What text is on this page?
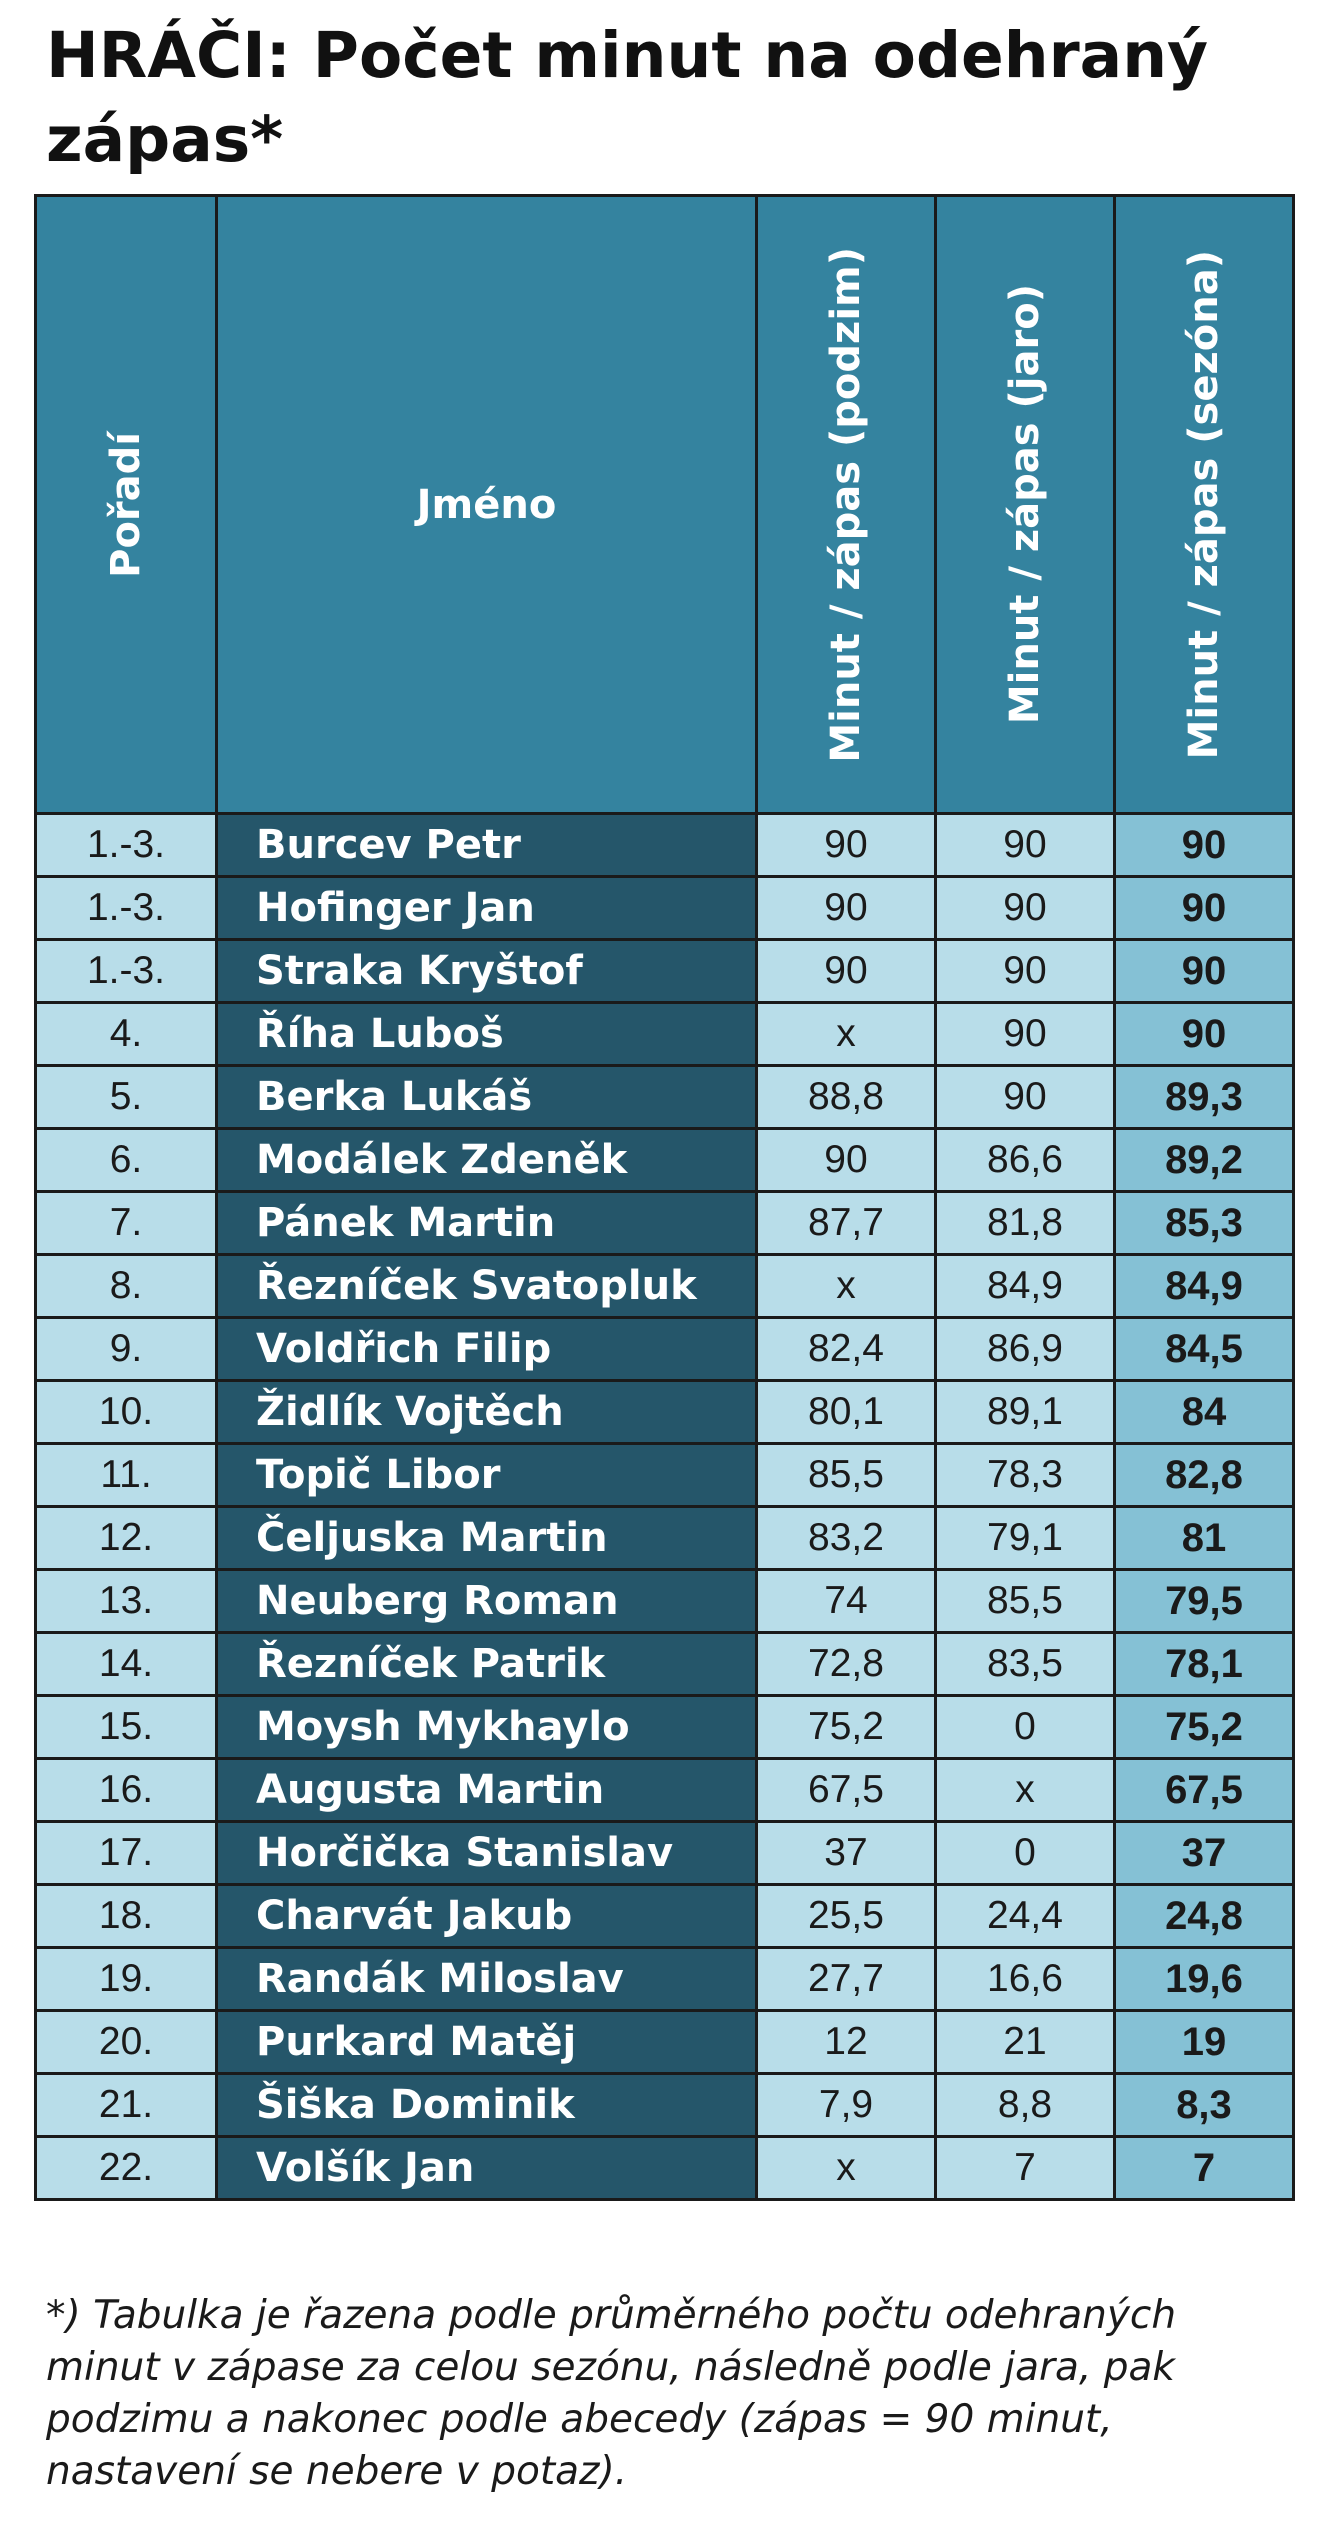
HRÁČI: Počet minut na odehraný zápas*
Pořadí	Jméno	Minut / zápas (podzim)	Minut / zápas (jaro)	Minut / zápas (sezóna)

1.-3.	Burcev Petr	90	90	90
1.-3.	Hofinger Jan	90	90	90
1.-3.	Straka Kryštof	90	90	90
4.	Říha Luboš	x	90	90
5.	Berka Lukáš	88,8	90	89,3
6.	Modálek Zdeněk	90	86,6	89,2
7.	Pánek Martin	87,7	81,8	85,3
8.	Řezníček Svatopluk	x	84,9	84,9
9.	Voldřich Filip	82,4	86,9	84,5
10.	Židlík Vojtěch	80,1	89,1	84
11.	Topič Libor	85,5	78,3	82,8
12.	Čeljuska Martin	83,2	79,1	81
13.	Neuberg Roman	74	85,5	79,5
14.	Řezníček Patrik	72,8	83,5	78,1
15.	Moysh Mykhaylo	75,2	0	75,2
16.	Augusta Martin	67,5	x	67,5
17.	Horčička Stanislav	37	0	37
18.	Charvát Jakub	25,5	24,4	24,8
19.	Randák Miloslav	27,7	16,6	19,6
20.	Purkard Matěj	12	21	19
21.	Šiška Dominik	7,9	8,8	8,3
22.	Volšík Jan	x	7	7

*) Tabulka je řazena podle průměrného počtu odehraných minut v zápase za celou sezónu, následně podle jara, pak podzimu a nakonec podle abecedy (zápas = 90 minut, nastavení se nebere v potaz).
